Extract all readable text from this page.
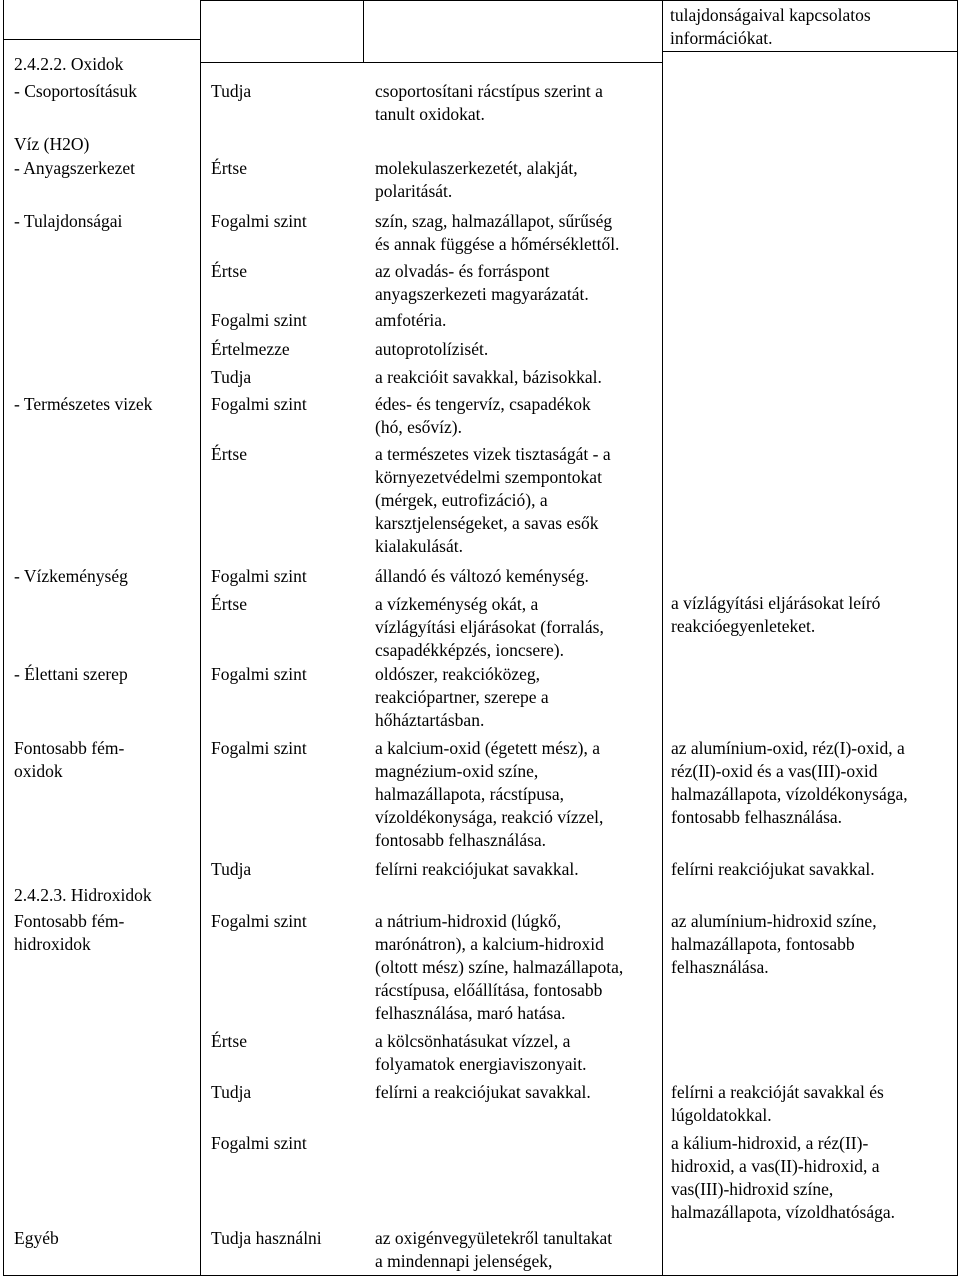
tulajdonságaival kapcsolatos
információkat.
2.4.2.2. Oxidok
- Csoportosításuk
Víz (H2O)
- Anyagszerkezet
- Tulajdonságai
- Természetes vizek
- Vízkeménység
- Élettani szerep
Fontosabb fém-
oxidok
2.4.2.3. Hidroxidok
Fontosabb fém-
hidroxidok
Egyéb
Tudja
Értse
Fogalmi szint
Értse
Fogalmi szint
Értelmezze
Tudja
Fogalmi szint
Értse
Fogalmi szint
Értse
Fogalmi szint
Fogalmi szint
Tudja
Fogalmi szint
Értse
Tudja
Fogalmi szint
Tudja használni
csoportosítani rácstípus szerint a
tanult oxidokat.
molekulaszerkezetét, alakját,
polaritását.
szín, szag, halmazállapot, sűrűség
és annak függése a hőmérséklettől.
az olvadás- és forráspont
anyagszerkezeti magyarázatát.
amfotéria.
autoprotolízisét.
a reakcióit savakkal, bázisokkal.
édes- és tengervíz, csapadékok
(hó, esővíz).
a természetes vizek tisztaságát - a
környezetvédelmi szempontokat
(mérgek, eutrofizáció), a
karsztjelenségeket, a savas esők
kialakulását.
állandó és változó keménység.
a vízkeménység okát, a
vízlágyítási eljárásokat (forralás,
csapadékképzés, ioncsere).
oldószer, reakcióközeg,
reakciópartner, szerepe a
hőháztartásban.
a kalcium-oxid (égetett mész), a
magnézium-oxid színe,
halmazállapota, rácstípusa,
vízoldékonysága, reakció vízzel,
fontosabb felhasználása.
felírni reakciójukat savakkal.
a nátrium-hidroxid (lúgkő,
marónátron), a kalcium-hidroxid
(oltott mész) színe, halmazállapota,
rácstípusa, előállítása, fontosabb
felhasználása, maró hatása.
a kölcsönhatásukat vízzel, a
folyamatok energiaviszonyait.
felírni a reakciójukat savakkal.
az oxigénvegyületekről tanultakat
a mindennapi jelenségek,
a vízlágyítási eljárásokat leíró
reakcióegyenleteket.
az alumínium-oxid, réz(I)-oxid, a
réz(II)-oxid és a vas(III)-oxid
halmazállapota, vízoldékonysága,
fontosabb felhasználása.
felírni reakciójukat savakkal.
az alumínium-hidroxid színe,
halmazállapota, fontosabb
felhasználása.
felírni a reakcióját savakkal és
lúgoldatokkal.
a kálium-hidroxid, a réz(II)-
hidroxid, a vas(II)-hidroxid, a
vas(III)-hidroxid színe,
halmazállapota, vízoldhatósága.
